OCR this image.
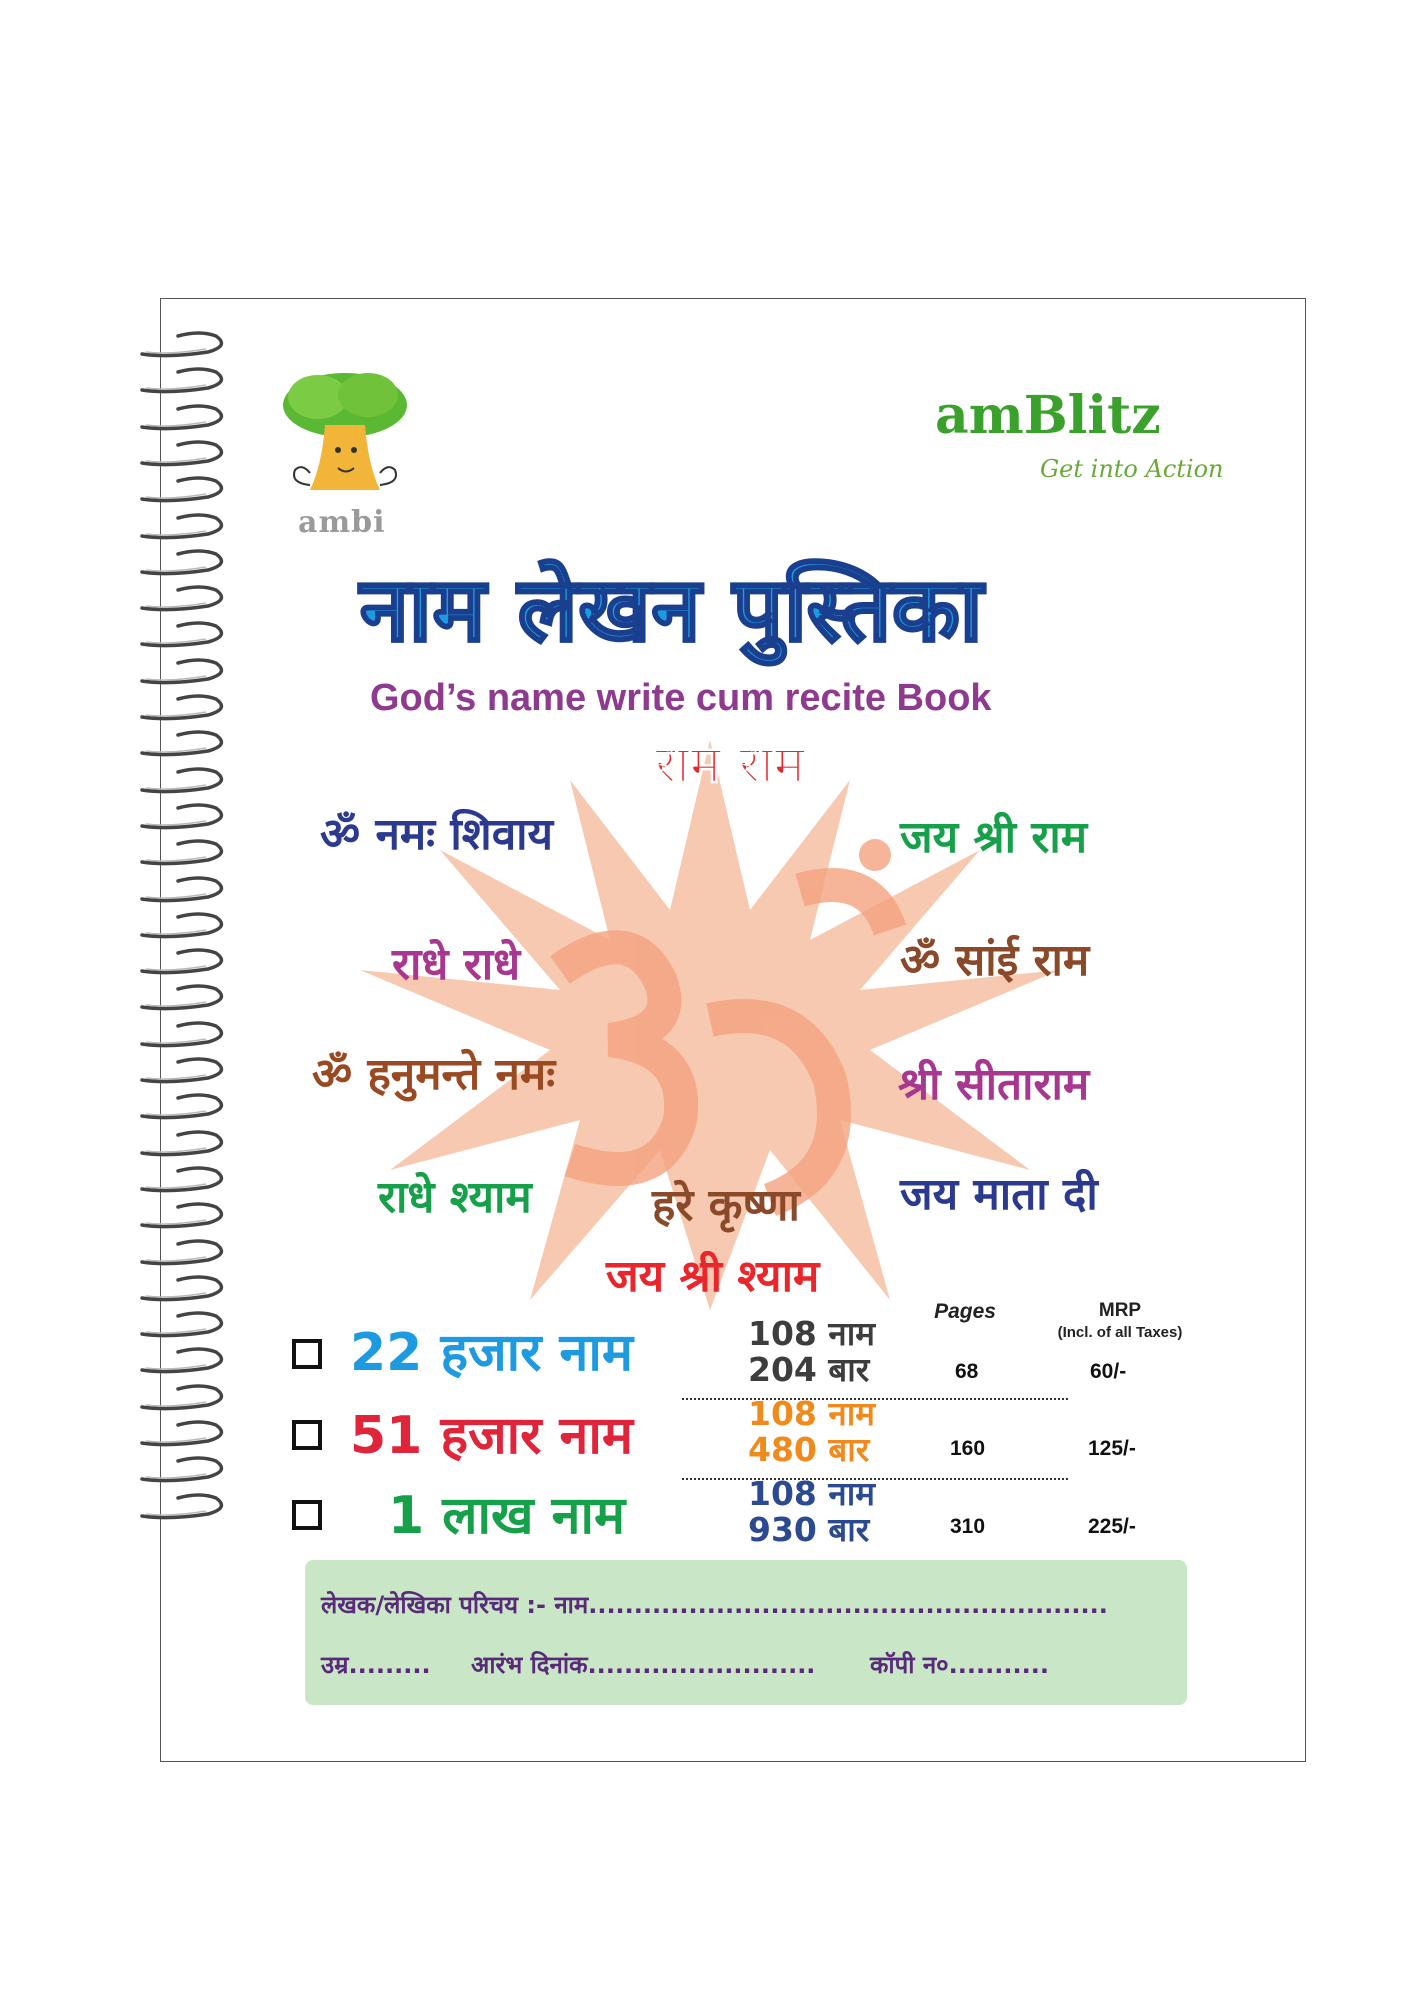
ambi
amBlitz
Get into Action
नाम लेखन पुस्तिका
God’s name write cum recite Book
राम राम
ॐ नमः शिवाय	जय श्री राम
राधे राधे	ॐ सांई राम
ॐ हनुमन्ते नमः	श्री सीताराम
राधे श्याम	हरे कृष्णा जय माता दी
जय श्री श्याम
Pages	MRP
(Incl. of all Taxes)
22 हजार नाम	108 नाम
204 बार	68	60/-
51 हजार नाम	108 नाम
480 बार	160	125/-
1 लाख नाम	108 नाम
930 बार	310	225/-
लेखक/लेखिका परिचय :- नाम.........................................................
उम्र......... आरंभ दिनांक......................... कॉपी न०...........
